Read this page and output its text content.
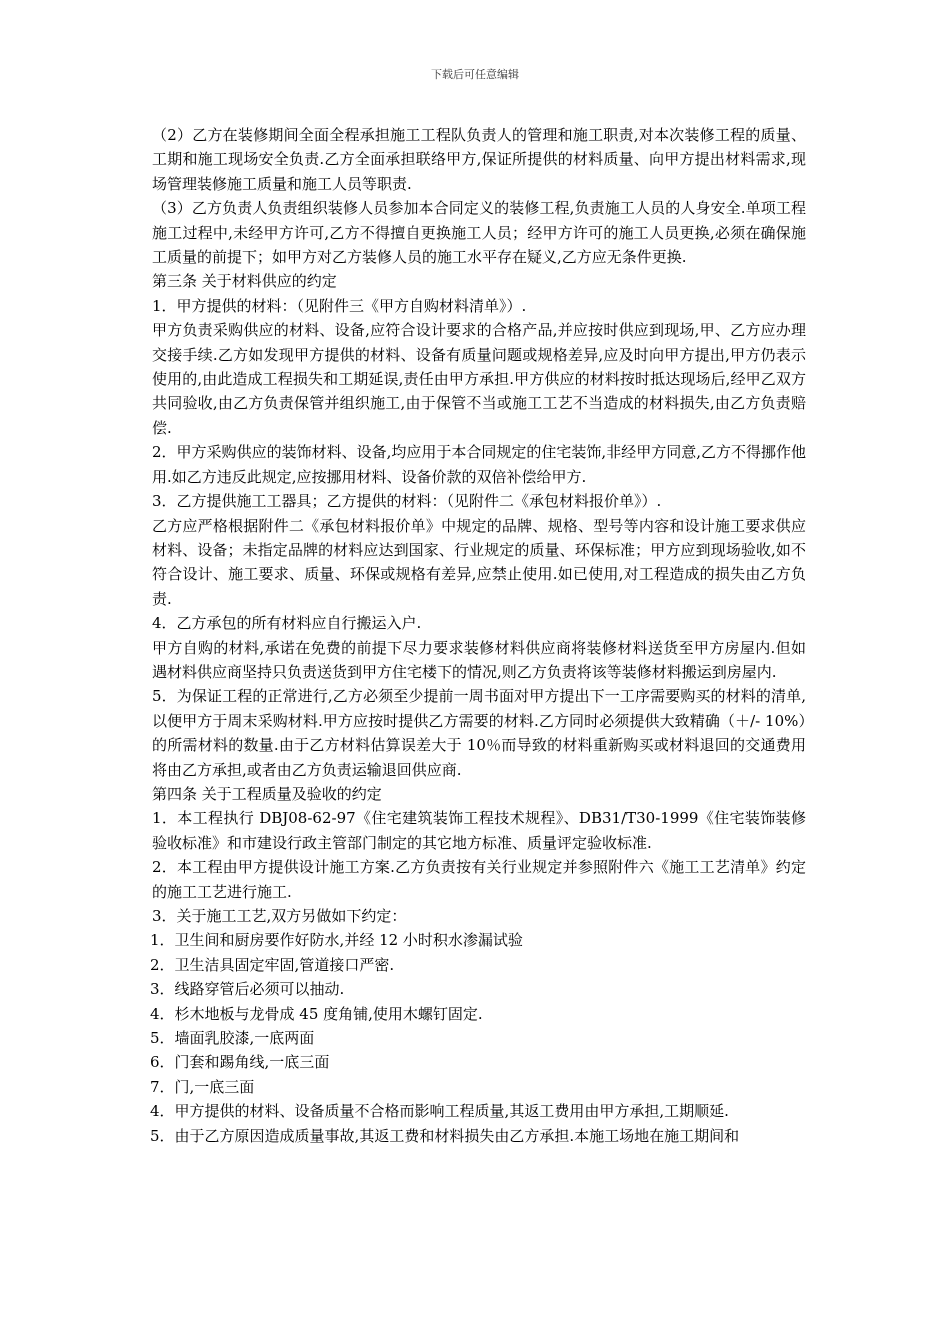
下载后可任意编辑

（2）乙方在装修期间全面全程承担施工工程队负责人的管理和施工职责,对本次装修工程的质量、工期和施工现场安全负责.乙方全面承担联络甲方,保证所提供的材料质量、向甲方提出材料需求,现场管理装修施工质量和施工人员等职责.

（3）乙方负责人负责组织装修人员参加本合同定义的装修工程,负责施工人员的人身安全.单项工程施工过程中,未经甲方许可,乙方不得擅自更换施工人员；经甲方许可的施工人员更换,必须在确保施工质量的前提下；如甲方对乙方装修人员的施工水平存在疑义,乙方应无条件更换.

第三条 关于材料供应的约定

1．甲方提供的材料：（见附件三《甲方自购材料清单》）.

甲方负责采购供应的材料、设备,应符合设计要求的合格产品,并应按时供应到现场,甲、乙方应办理交接手续.乙方如发现甲方提供的材料、设备有质量问题或规格差异,应及时向甲方提出,甲方仍表示使用的,由此造成工程损失和工期延误,责任由甲方承担.甲方供应的材料按时抵达现场后,经甲乙双方共同验收,由乙方负责保管并组织施工,由于保管不当或施工工艺不当造成的材料损失,由乙方负责赔偿.

2．甲方采购供应的装饰材料、设备,均应用于本合同规定的住宅装饰,非经甲方同意,乙方不得挪作他用.如乙方违反此规定,应按挪用材料、设备价款的双倍补偿给甲方.

3．乙方提供施工工器具；乙方提供的材料：（见附件二《承包材料报价单》）.

乙方应严格根据附件二《承包材料报价单》中规定的品牌、规格、型号等内容和设计施工要求供应材料、设备；未指定品牌的材料应达到国家、行业规定的质量、环保标准；甲方应到现场验收,如不符合设计、施工要求、质量、环保或规格有差异,应禁止使用.如已使用,对工程造成的损失由乙方负责.

4．乙方承包的所有材料应自行搬运入户.

甲方自购的材料,承诺在免费的前提下尽力要求装修材料供应商将装修材料送货至甲方房屋内.但如遇材料供应商坚持只负责送货到甲方住宅楼下的情况,则乙方负责将该等装修材料搬运到房屋内.

5．为保证工程的正常进行,乙方必须至少提前一周书面对甲方提出下一工序需要购买的材料的清单,以便甲方于周末采购材料.甲方应按时提供乙方需要的材料.乙方同时必须提供大致精确（＋/- 10%）的所需材料的数量.由于乙方材料估算误差大于 10％而导致的材料重新购买或材料退回的交通费用将由乙方承担,或者由乙方负责运输退回供应商.

第四条 关于工程质量及验收的约定

1．本工程执行 DBJ08-62-97《住宅建筑装饰工程技术规程》、DB31/T30-1999《住宅装饰装修验收标准》和市建设行政主管部门制定的其它地方标准、质量评定验收标准.

2．本工程由甲方提供设计施工方案.乙方负责按有关行业规定并参照附件六《施工工艺清单》约定的施工工艺进行施工.

3．关于施工工艺,双方另做如下约定：

1．卫生间和厨房要作好防水,并经 12 小时积水渗漏试验

2．卫生洁具固定牢固,管道接口严密.

3．线路穿管后必须可以抽动.

4．杉木地板与龙骨成 45 度角铺,使用木螺钉固定.

5．墙面乳胶漆,一底两面

6．门套和踢角线,一底三面

7．门,一底三面

4．甲方提供的材料、设备质量不合格而影响工程质量,其返工费用由甲方承担,工期顺延.

5．由于乙方原因造成质量事故,其返工费和材料损失由乙方承担.本施工场地在施工期间和
